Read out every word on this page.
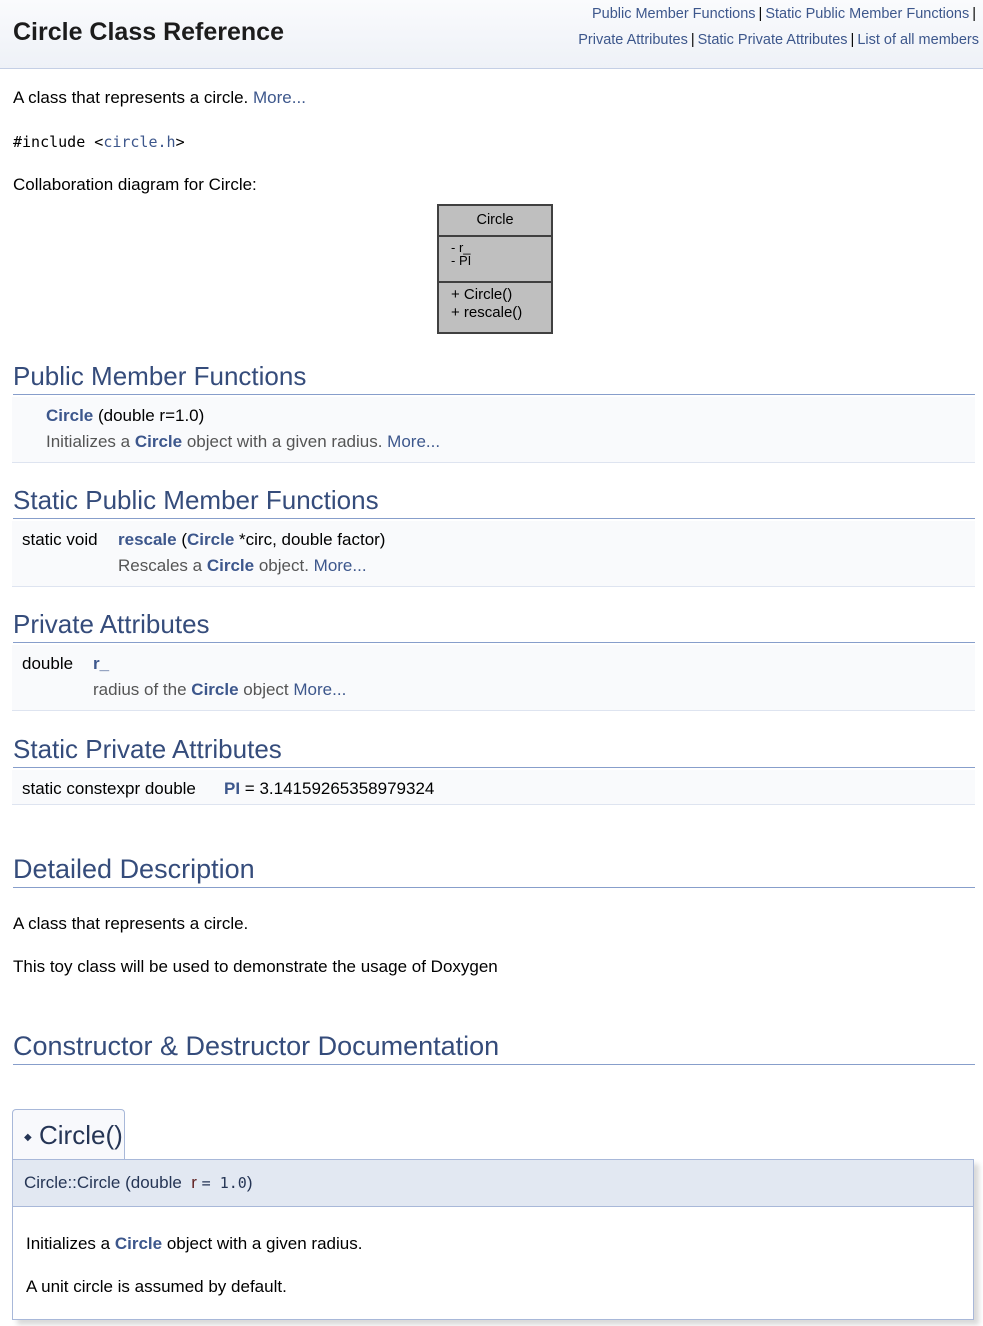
Circle Class Reference
Public Member Functions | Static Public Member Functions |
Private Attributes | Static Private Attributes | List of all members
A class that represents a circle. More...
#include <circle.h>
Collaboration diagram for Circle:
Circle
- r_
- PI
+ Circle()
+ rescale()
Public Member Functions
Circle (double r=1.0)
Initializes a Circle object with a given radius. More...
Static Public Member Functions
static void rescale (Circle *circ, double factor)
Rescales a Circle object. More...
Private Attributes
double r_
radius of the Circle object More...
Static Private Attributes
static constexpr double PI = 3.14159265358979324
Detailed Description
A class that represents a circle.
This toy class will be used to demonstrate the usage of Doxygen
Constructor & Destructor Documentation
◆ Circle()
Circle::Circle (double r = 1.0)
Initializes a Circle object with a given radius.
A unit circle is assumed by default.
